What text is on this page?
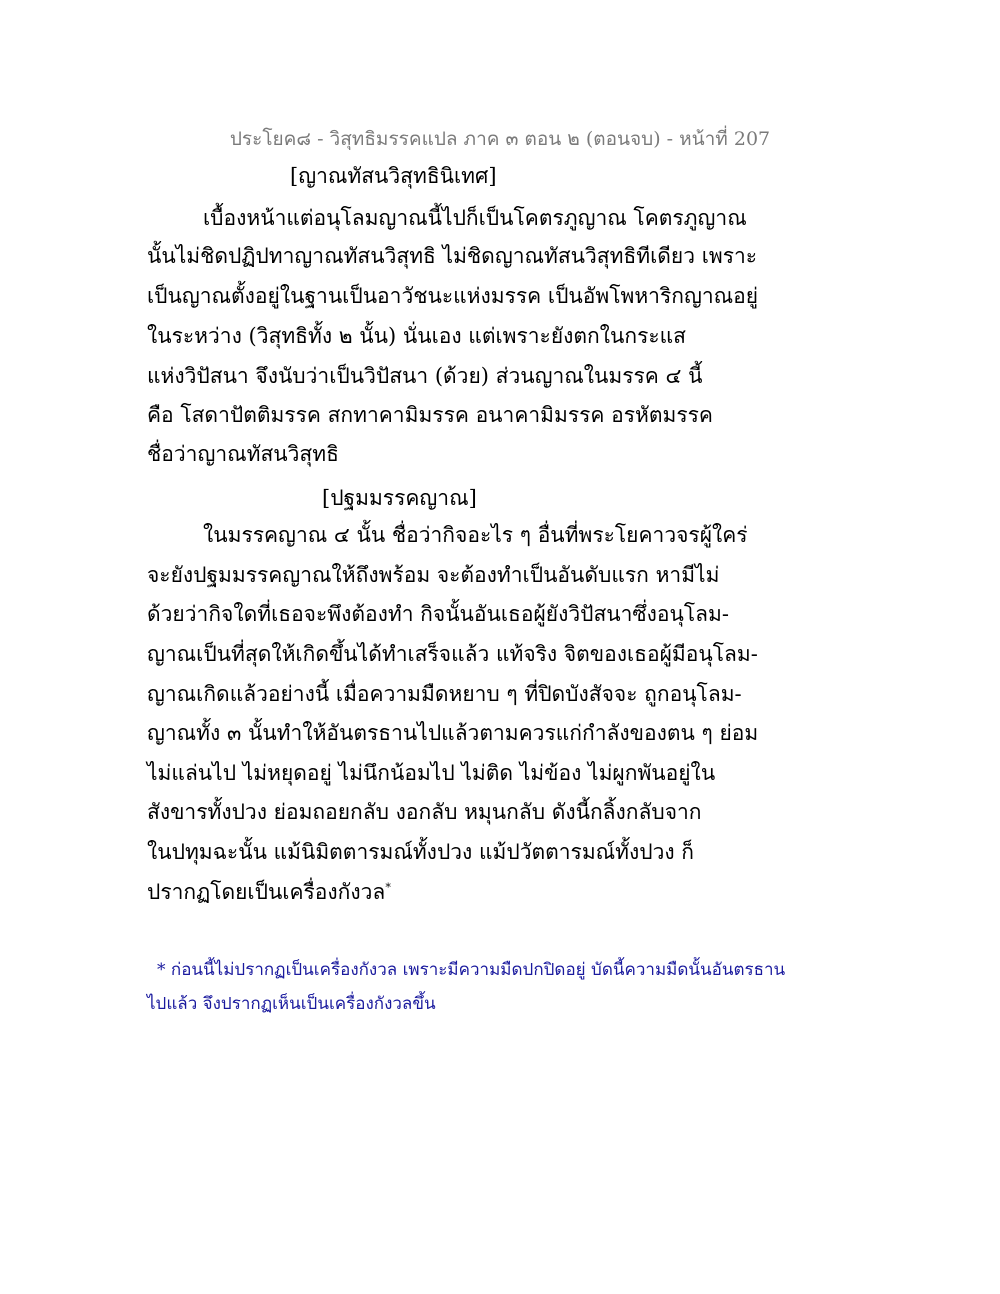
ประโยค๘ - วิสุทธิมรรคแปล ภาค ๓ ตอน ๒ (ตอนจบ) - หน้าที่ 207
[ญาณทัสนวิสุทธินิเทศ]
เบื้องหน้าแต่อนุโลมญาณนี้ไปก็เป็นโคตรภูญาณ โคตรภูญาณ
นั้นไม่ชิดปฏิปทาญาณทัสนวิสุทธิ ไม่ชิดญาณทัสนวิสุทธิทีเดียว เพราะ
เป็นญาณตั้งอยู่ในฐานเป็นอาวัชนะแห่งมรรค เป็นอัพโพหาริกญาณอยู่
ในระหว่าง (วิสุทธิทั้ง ๒ นั้น) นั่นเอง แต่เพราะยังตกในกระแส
แห่งวิปัสนา จึงนับว่าเป็นวิปัสนา (ด้วย) ส่วนญาณในมรรค ๔ นี้
คือ โสดาปัตติมรรค สกทาคามิมรรค อนาคามิมรรค อรหัตมรรค
ชื่อว่าญาณทัสนวิสุทธิ
[ปฐมมรรคญาณ]
ในมรรคญาณ ๔ นั้น ชื่อว่ากิจอะไร ๆ อื่นที่พระโยคาวจรผู้ใคร่
จะยังปฐมมรรคญาณให้ถึงพร้อม จะต้องทำเป็นอันดับแรก หามีไม่
ด้วยว่ากิจใดที่เธอจะพึงต้องทำ กิจนั้นอันเธอผู้ยังวิปัสนาซึ่งอนุโลม-
ญาณเป็นที่สุดให้เกิดขึ้นได้ทำเสร็จแล้ว แท้จริง จิตของเธอผู้มีอนุโลม-
ญาณเกิดแล้วอย่างนี้ เมื่อความมืดหยาบ ๆ ที่ปิดบังสัจจะ ถูกอนุโลม-
ญาณทั้ง ๓ นั้นทำให้อันตรธานไปแล้วตามควรแก่กำลังของตน ๆ ย่อม
ไม่แล่นไป ไม่หยุดอยู่ ไม่นึกน้อมไป ไม่ติด ไม่ข้อง ไม่ผูกพันอยู่ใน
สังขารทั้งปวง ย่อมถอยกลับ งอกลับ หมุนกลับ ดังนี้กลิ้งกลับจาก
ในปทุมฉะนั้น แม้นิมิตตารมณ์ทั้งปวง แม้ปวัตตารมณ์ทั้งปวง ก็
ปรากฏโดยเป็นเครื่องกังวล*
* ก่อนนี้ไม่ปรากฏเป็นเครื่องกังวล เพราะมีความมืดปกปิดอยู่ บัดนี้ความมืดนั้นอันตรธาน
ไปแล้ว จึงปรากฏเห็นเป็นเครื่องกังวลขึ้น
